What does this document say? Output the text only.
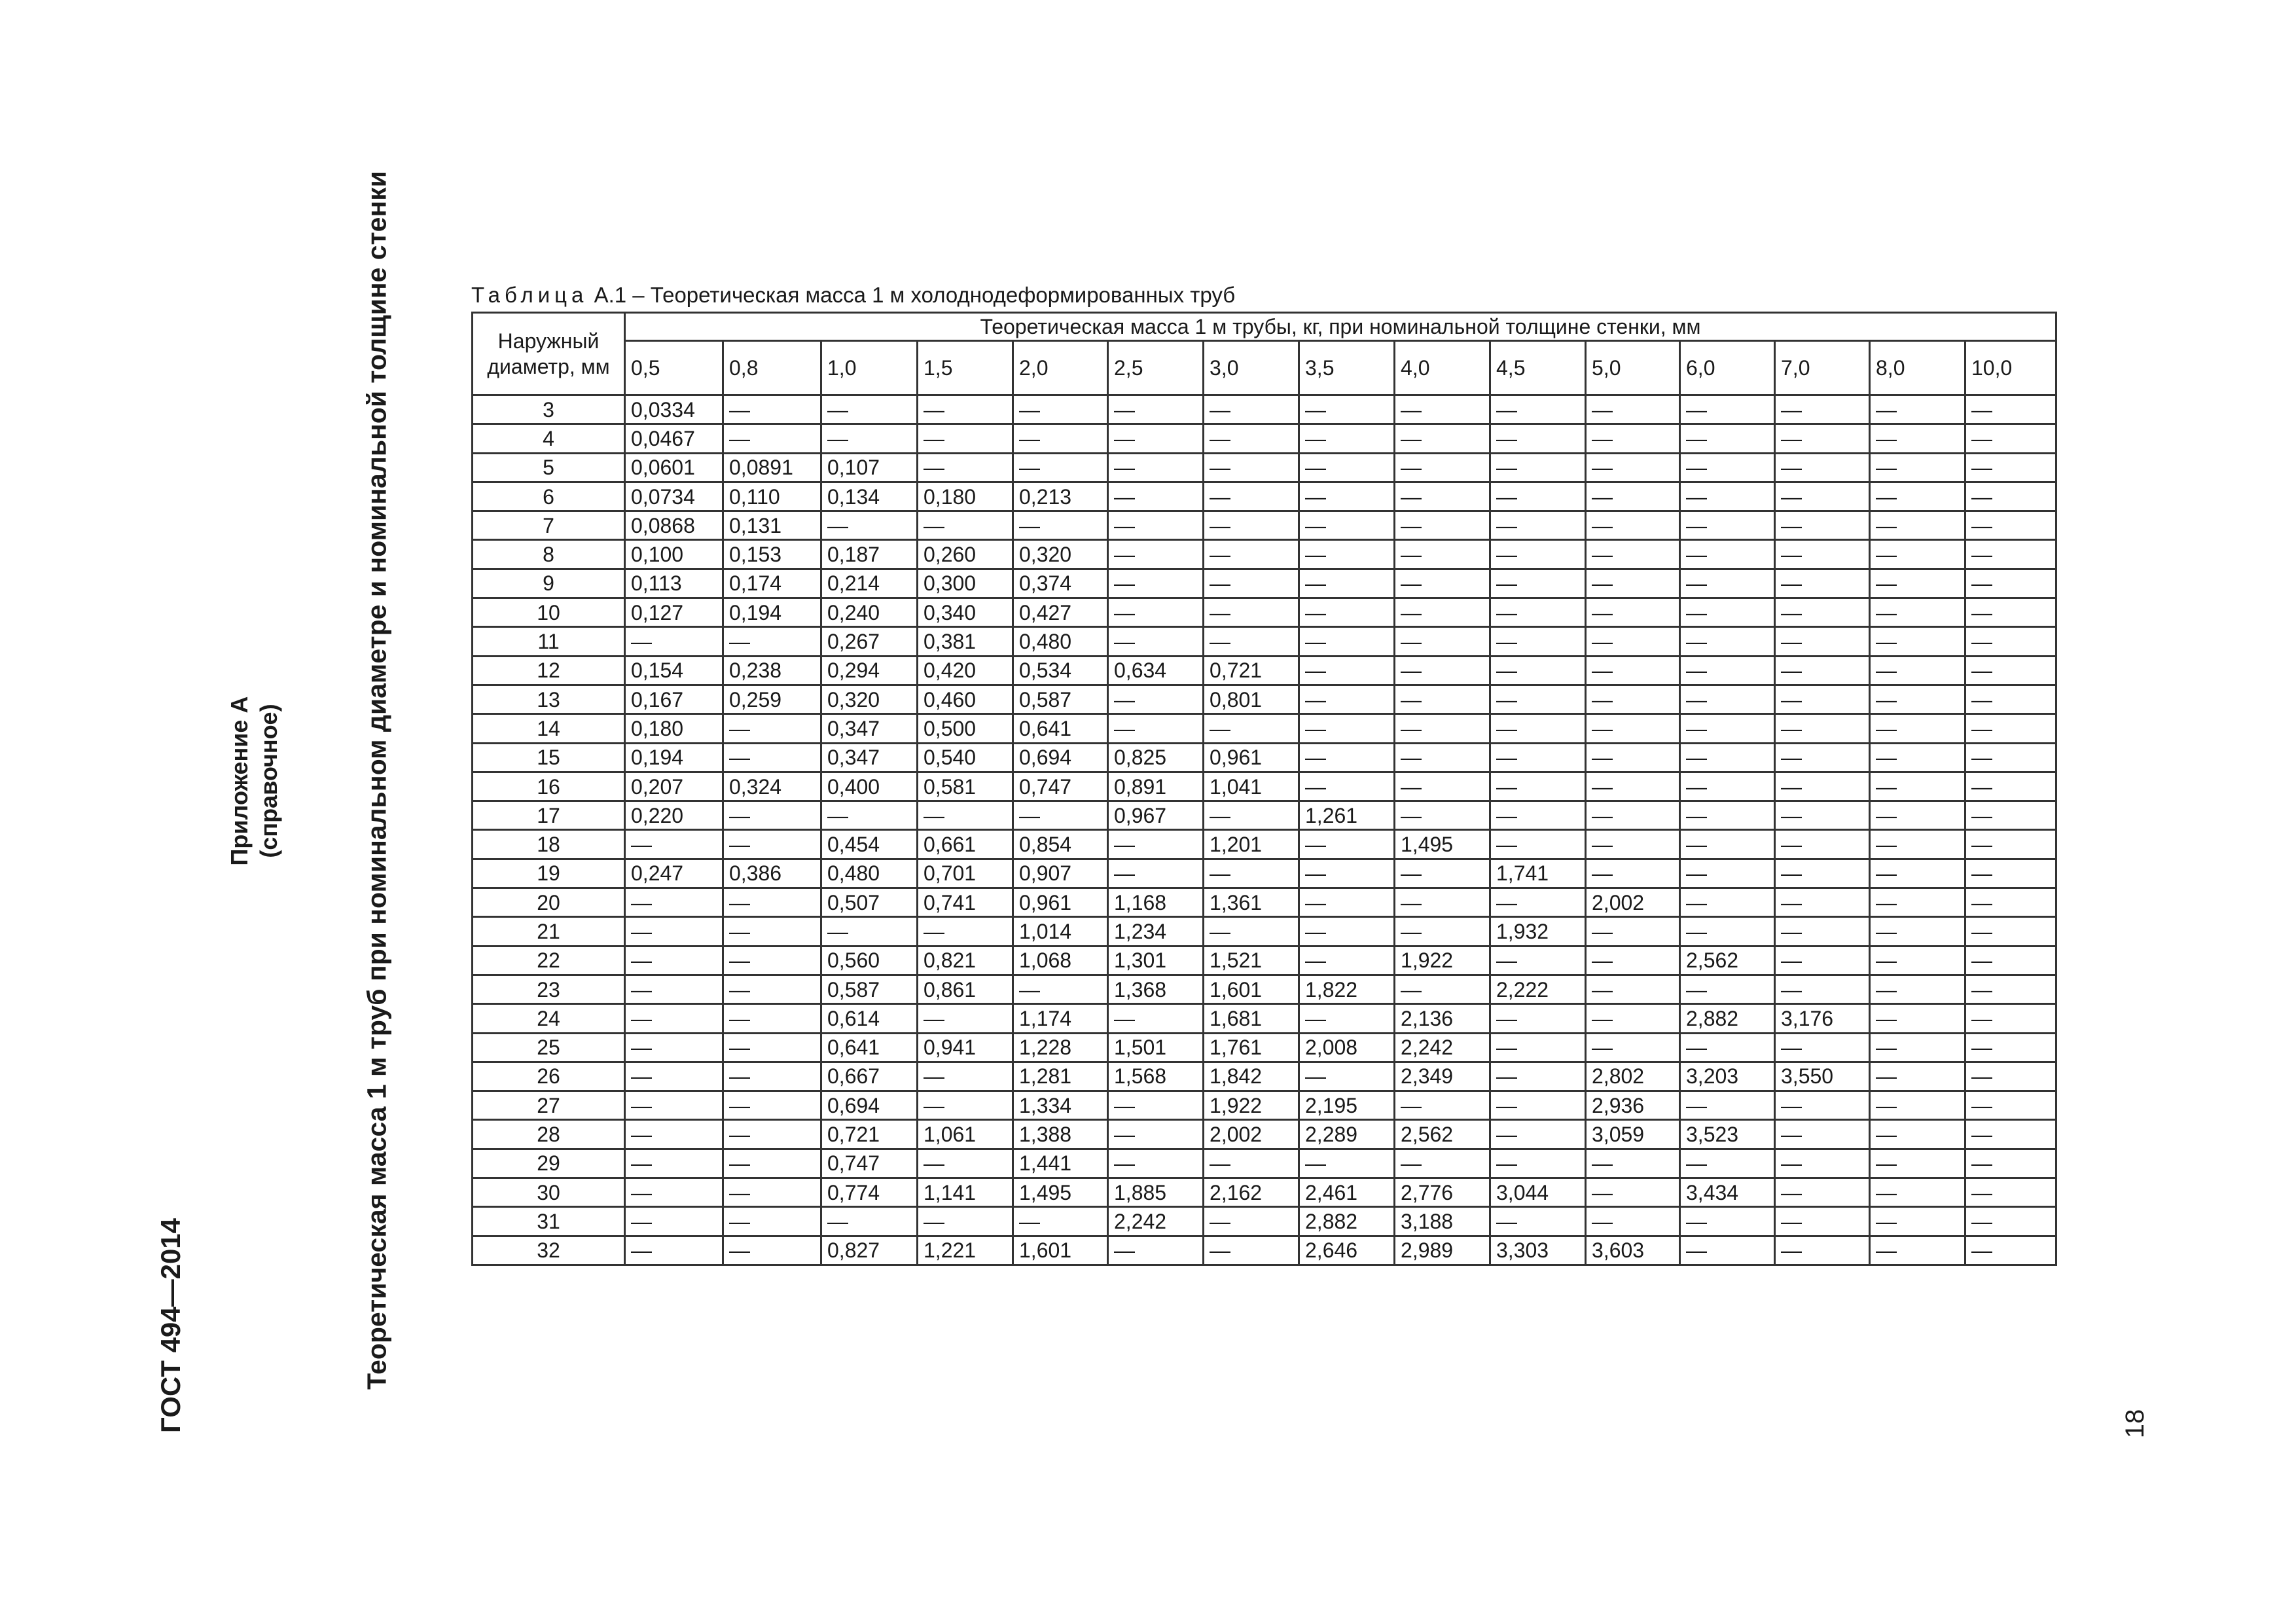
ГОСТ 494—2014
Приложение А (справочное)	Теоретическая масса 1 м труб при номинальном диаметре и номинальной толщине стенки
18
Таблица А.1 – Теоретическая масса 1 м холоднодеформированных труб
Наружный диаметр, мм	Теоретическая масса 1 м трубы, кг, при номинальной толщине стенки, мм														
	0,5	0,8	1,0	1,5	2,0	2,5	3,0	3,5	4,0	4,5	5,0	6,0	7,0	8,0	10,0
3	0,0334	—	—	—	—	—	—	—	—	—	—	—	—	—	—
4	0,0467	—	—	—	—	—	—	—	—	—	—	—	—	—	—
5	0,0601	0,0891	0,107	—	—	—	—	—	—	—	—	—	—	—	—
6	0,0734	0,110	0,134	0,180	0,213	—	—	—	—	—	—	—	—	—	—
7	0,0868	0,131	—	—	—	—	—	—	—	—	—	—	—	—	—
8	0,100	0,153	0,187	0,260	0,320	—	—	—	—	—	—	—	—	—	—
9	0,113	0,174	0,214	0,300	0,374	—	—	—	—	—	—	—	—	—	—
10	0,127	0,194	0,240	0,340	0,427	—	—	—	—	—	—	—	—	—	—
11	—	—	0,267	0,381	0,480	—	—	—	—	—	—	—	—	—	—
12	0,154	0,238	0,294	0,420	0,534	0,634	0,721	—	—	—	—	—	—	—	—
13	0,167	0,259	0,320	0,460	0,587	—	0,801	—	—	—	—	—	—	—	—
14	0,180	—	0,347	0,500	0,641	—	—	—	—	—	—	—	—	—	—
15	0,194	—	0,347	0,540	0,694	0,825	0,961	—	—	—	—	—	—	—	—
16	0,207	0,324	0,400	0,581	0,747	0,891	1,041	—	—	—	—	—	—	—	—
17	0,220	—	—	—	—	0,967	—	1,261	—	—	—	—	—	—	—
18	—	—	0,454	0,661	0,854	—	1,201	—	1,495	—	—	—	—	—	—
19	0,247	0,386	0,480	0,701	0,907	—	—	—	—	1,741	—	—	—	—	—
20	—	—	0,507	0,741	0,961	1,168	1,361	—	—	—	2,002	—	—	—	—
21	—	—	—	—	1,014	1,234	—	—	—	1,932	—	—	—	—	—
22	—	—	0,560	0,821	1,068	1,301	1,521	—	1,922	—	—	2,562	—	—	—
23	—	—	0,587	0,861	—	1,368	1,601	1,822	—	2,222	—	—	—	—	—
24	—	—	0,614	—	1,174	—	1,681	—	2,136	—	—	2,882	3,176	—	—
25	—	—	0,641	0,941	1,228	1,501	1,761	2,008	2,242	—	—	—	—	—	—
26	—	—	0,667	—	1,281	1,568	1,842	—	2,349	—	2,802	3,203	3,550	—	—
27	—	—	0,694	—	1,334	—	1,922	2,195	—	—	2,936	—	—	—	—
28	—	—	0,721	1,061	1,388	—	2,002	2,289	2,562	—	3,059	3,523	—	—	—
29	—	—	0,747	—	1,441	—	—	—	—	—	—	—	—	—	—
30	—	—	0,774	1,141	1,495	1,885	2,162	2,461	2,776	3,044	—	3,434	—	—	—
31	—	—	—	—	—	2,242	—	2,882	3,188	—	—	—	—	—	—
32	—	—	0,827	1,221	1,601	—	—	2,646	2,989	3,303	3,603	—	—	—	—
